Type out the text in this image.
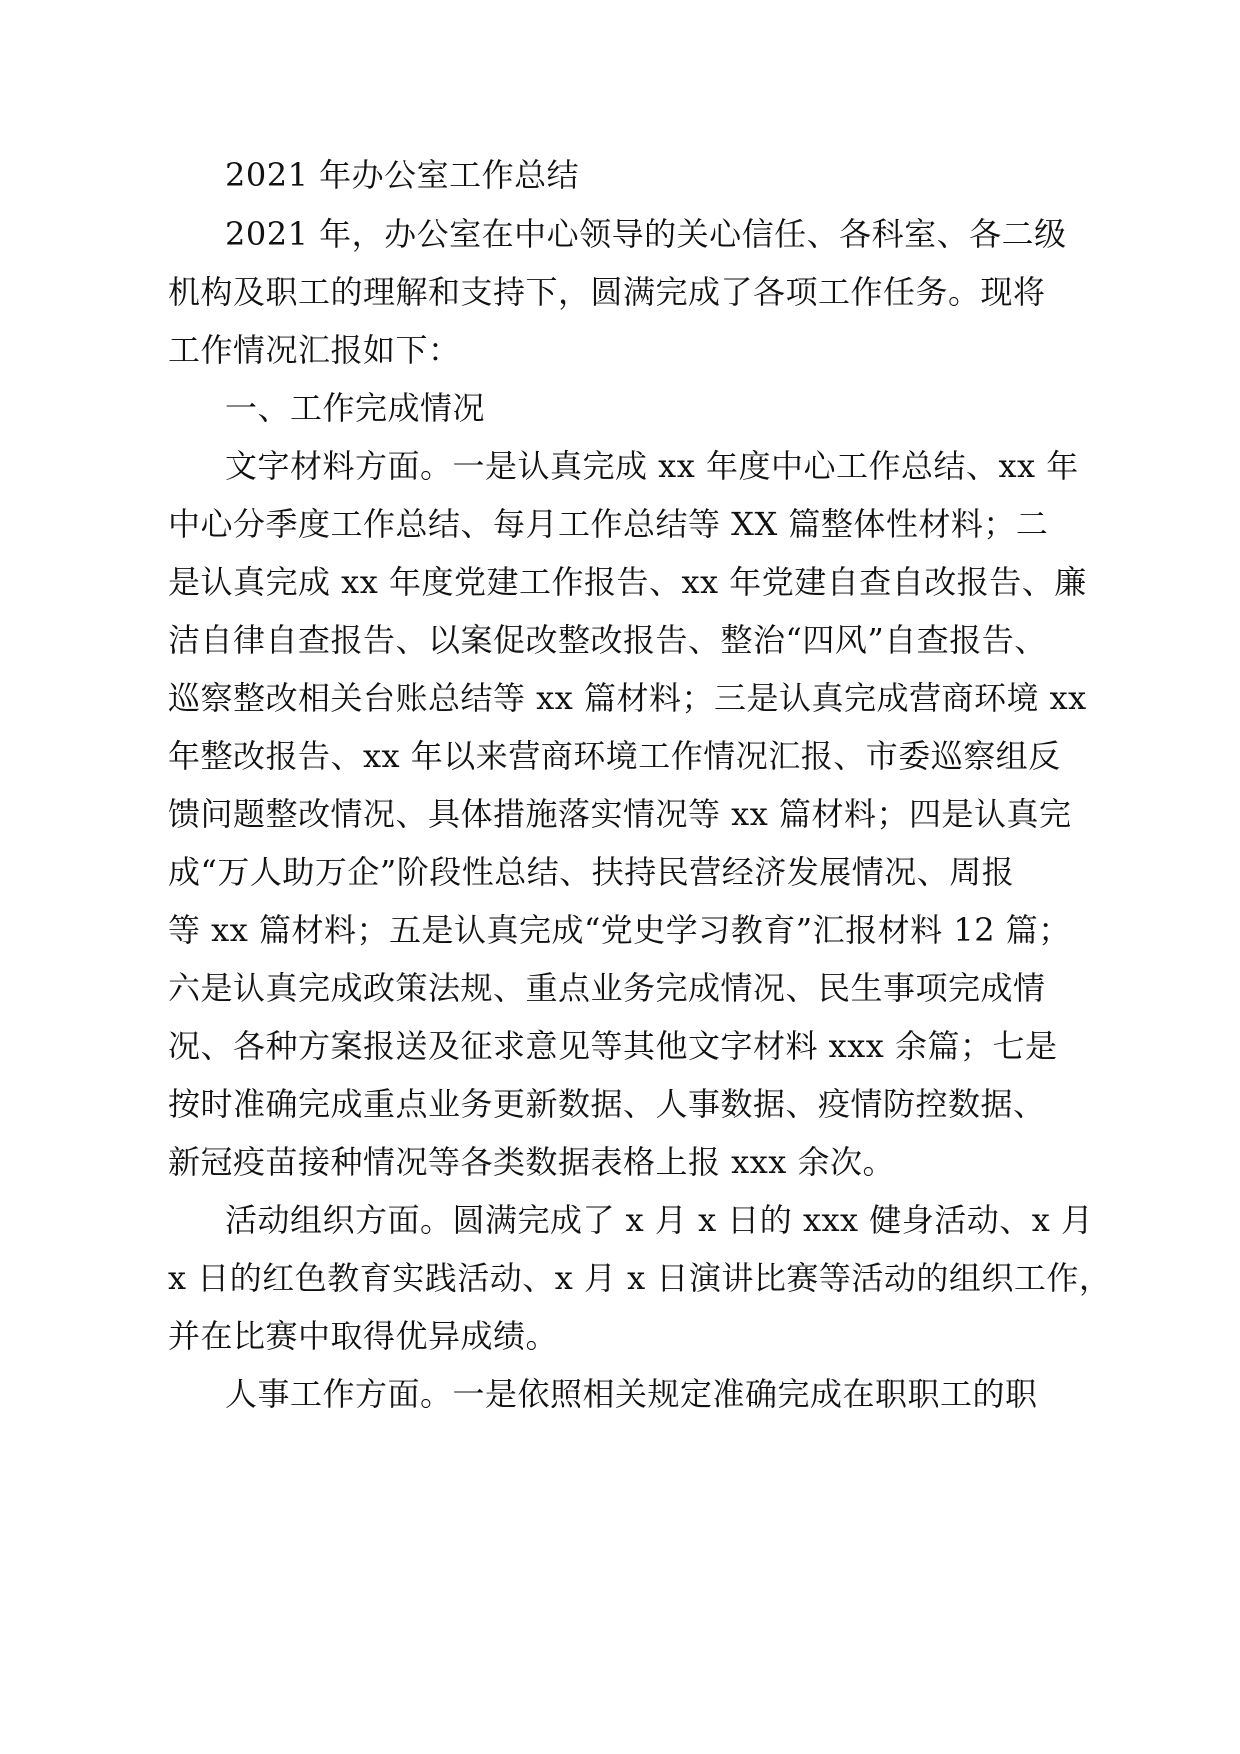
2021 年办公室工作总结
2021 年，办公室在中心领导的关心信任、各科室、各二级
机构及职工的理解和支持下，圆满完成了各项工作任务。现将
工作情况汇报如下：
一、工作完成情况
文字材料方面。一是认真完成 xx 年度中心工作总结、xx 年
中心分季度工作总结、每月工作总结等 XX 篇整体性材料；二
是认真完成 xx 年度党建工作报告、xx 年党建自查自改报告、廉
洁自律自查报告、以案促改整改报告、整治“四风”自查报告、
巡察整改相关台账总结等 xx 篇材料；三是认真完成营商环境 xx
年整改报告、xx 年以来营商环境工作情况汇报、市委巡察组反
馈问题整改情况、具体措施落实情况等 xx 篇材料；四是认真完
成“万人助万企”阶段性总结、扶持民营经济发展情况、周报
等 xx 篇材料；五是认真完成“党史学习教育”汇报材料 12 篇；
六是认真完成政策法规、重点业务完成情况、民生事项完成情
况、各种方案报送及征求意见等其他文字材料 xxx 余篇；七是
按时准确完成重点业务更新数据、人事数据、疫情防控数据、
新冠疫苗接种情况等各类数据表格上报 xxx 余次。
活动组织方面。圆满完成了 x 月 x 日的 xxx 健身活动、x 月
x 日的红色教育实践活动、x 月 x 日演讲比赛等活动的组织工作，
并在比赛中取得优异成绩。
人事工作方面。一是依照相关规定准确完成在职职工的职
